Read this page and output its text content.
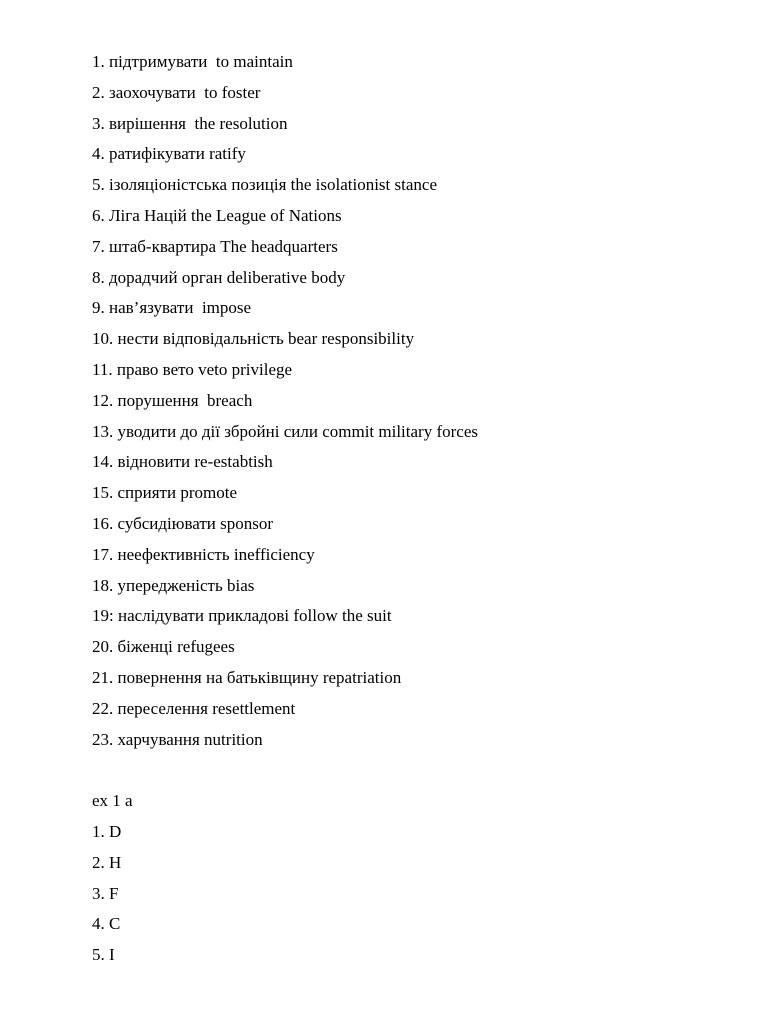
1. підтримувати  to maintain
2. заохочувати  to foster
3. вирішення  the resolution
4. ратифікувати ratify
5. ізоляціоністська позиція the isolationist stance
6. Ліга Націй the League of Nations
7. штаб-квартира The headquarters
8. дорадчий орган deliberative body
9. нав’язувати  impose
10. нести відповідальність bear responsibility
11. право вето veto privilege
12. порушення  breach
13. уводити до дії збройні сили commit military forces
14. відновити re-estabtish
15. сприяти promote
16. субсидіювати sponsor
17. неефективність inefficiency
18. упередженість bias
19: наслідувати прикладові follow the suit
20. біженці refugees
21. повернення на батьківщину repatriation
22. переселення resettlement
23. харчування nutrition
ex 1 a
1. D
2. H
3. F
4. C
5. I
